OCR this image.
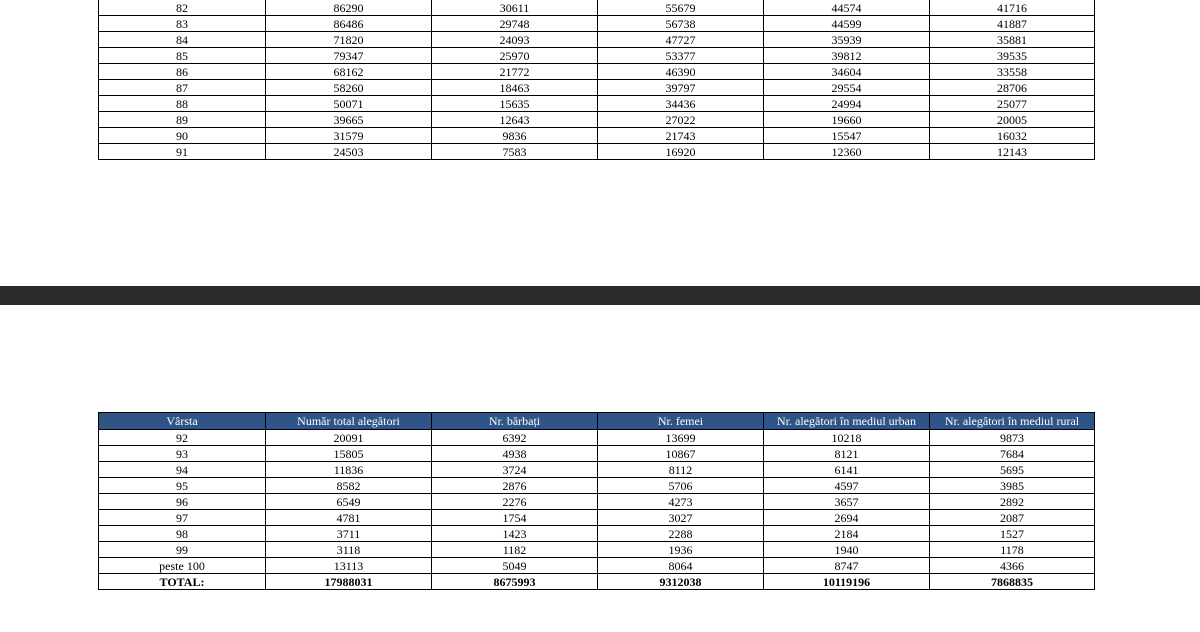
82	86290	30611	55679	44574	41716
83	86486	29748	56738	44599	41887
84	71820	24093	47727	35939	35881
85	79347	25970	53377	39812	39535
86	68162	21772	46390	34604	33558
87	58260	18463	39797	29554	28706
88	50071	15635	34436	24994	25077
89	39665	12643	27022	19660	20005
90	31579	9836	21743	15547	16032
91	24503	7583	16920	12360	12143
Vârsta	Număr total alegători	Nr. bărbați	Nr. femei	Nr. alegători în mediul urban	Nr. alegători în mediul rural
92	20091	6392	13699	10218	9873
93	15805	4938	10867	8121	7684
94	11836	3724	8112	6141	5695
95	8582	2876	5706	4597	3985
96	6549	2276	4273	3657	2892
97	4781	1754	3027	2694	2087
98	3711	1423	2288	2184	1527
99	3118	1182	1936	1940	1178
peste 100	13113	5049	8064	8747	4366
TOTAL:	17988031	8675993	9312038	10119196	7868835
